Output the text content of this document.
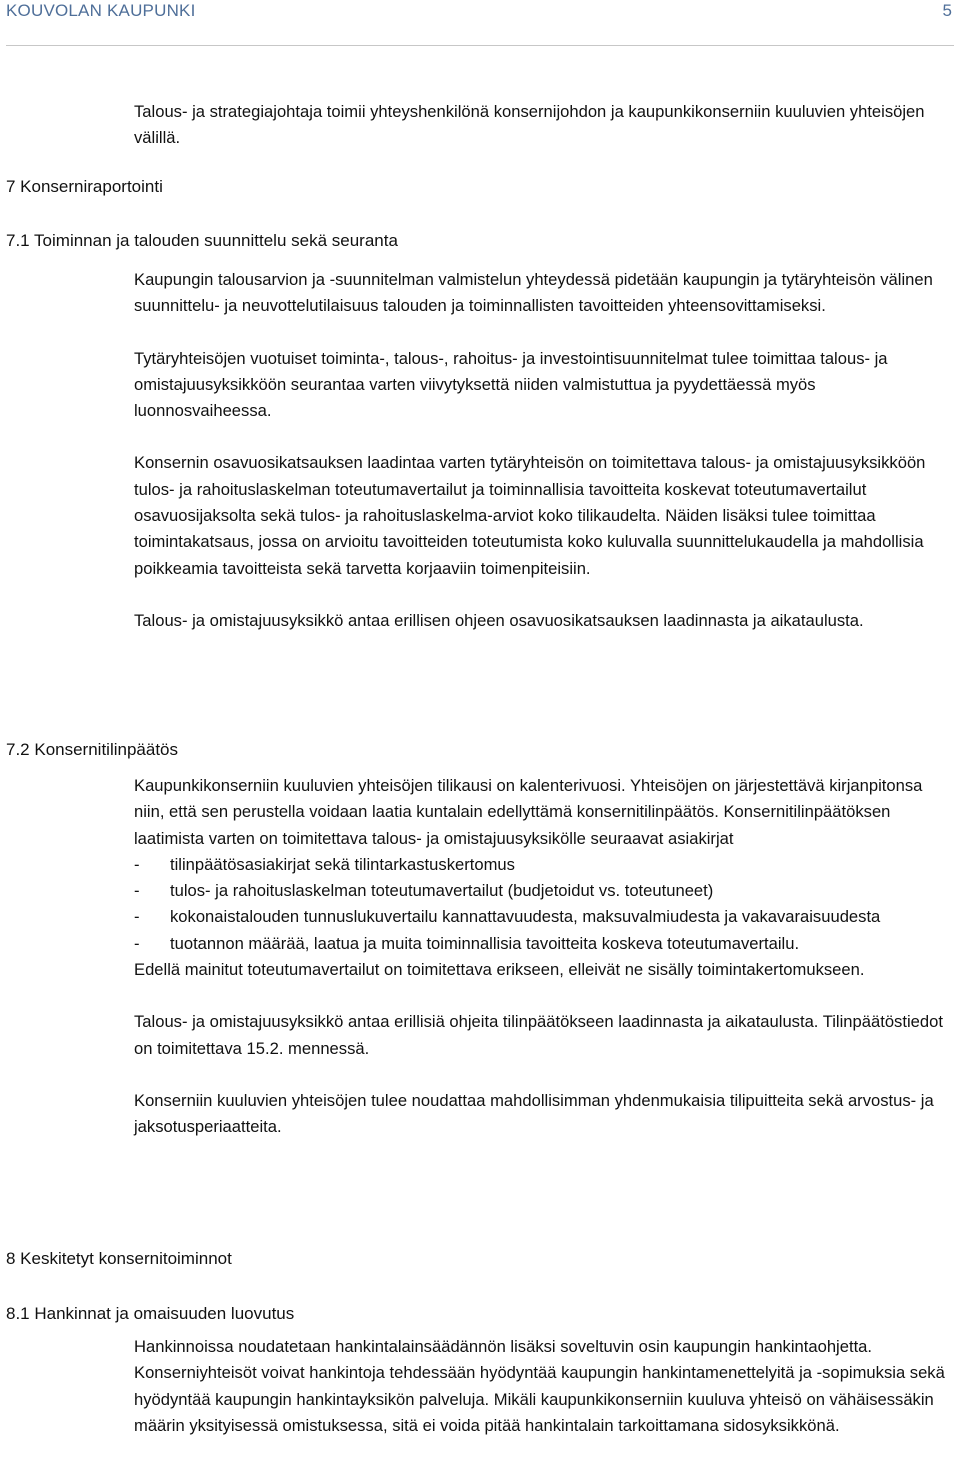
KOUVOLAN KAUPUNKI	5
Talous- ja strategiajohtaja toimii yhteyshenkilönä konsernijohdon ja kaupunkikonserniin kuuluvien yhteisöjen välillä.
7 Konserniraportointi
7.1 Toiminnan ja talouden suunnittelu sekä seuranta

Kaupungin talousarvion ja -suunnitelman valmistelun yhteydessä pidetään kaupungin ja tytäryhteisön välinen suunnittelu- ja neuvottelutilaisuus talouden ja toiminnallisten tavoitteiden yhteensovittamiseksi.

Tytäryhteisöjen vuotuiset toiminta-, talous-, rahoitus- ja investointisuunnitelmat tulee toimittaa talous- ja omistajuusyksikköön seurantaa varten viivytyksettä niiden valmistuttua ja pyydettäessä myös luonnosvaiheessa.

Konsernin osavuosikatsauksen laadintaa varten tytäryhteisön on toimitettava talous- ja omistajuusyksikköön tulos- ja rahoituslaskelman toteutumavertailut ja toiminnallisia tavoitteita koskevat toteutumavertailut osavuosijaksolta sekä tulos- ja rahoituslaskelma-arviot koko tilikaudelta. Näiden lisäksi tulee toimittaa toimintakatsaus, jossa on arvioitu tavoitteiden toteutumista koko kuluvalla suunnittelukaudella ja mahdollisia poikkeamia tavoitteista sekä tarvetta korjaaviin toimenpiteisiin.

Talous- ja omistajuusyksikkö antaa erillisen ohjeen osavuosikatsauksen laadinnasta ja aikataulusta.

7.2 Konsernitilinpäätös

Kaupunkikonserniin kuuluvien yhteisöjen tilikausi on kalenterivuosi. Yhteisöjen on järjestettävä kirjanpitonsa niin, että sen perustella voidaan laatia kuntalain edellyttämä konsernitilinpäätös. Konsernitilinpäätöksen laatimista varten on toimitettava talous- ja omistajuusyksikölle seuraavat asiakirjat

- tilinpäätösasiakirjat sekä tilintarkastuskertomus
- tulos- ja rahoituslaskelman toteutumavertailut (budjetoidut vs. toteutuneet)
- kokonaistalouden tunnuslukuvertailu kannattavuudesta, maksuvalmiudesta ja vakavaraisuudesta
- tuotannon määrää, laatua ja muita toiminnallisia tavoitteita koskeva toteutumavertailu.

Edellä mainitut toteutumavertailut on toimitettava erikseen, elleivät ne sisälly toimintakertomukseen.

Talous- ja omistajuusyksikkö antaa erillisiä ohjeita tilinpäätökseen laadinnasta ja aikataulusta. Tilinpäätöstiedot on toimitettava 15.2. mennessä.

Konserniin kuuluvien yhteisöjen tulee noudattaa mahdollisimman yhdenmukaisia tilipuitteita sekä arvostus- ja jaksotusperiaatteita.

8 Keskitetyt konsernitoiminnot
8.1 Hankinnat ja omaisuuden luovutus
Hankinnoissa noudatetaan hankintalainsäädännön lisäksi soveltuvin osin kaupungin hankintaohjetta. Konserniyhteisöt voivat hankintoja tehdessään hyödyntää kaupungin hankintamenettelyitä ja -sopimuksia sekä hyödyntää kaupungin hankintayksikön palveluja. Mikäli kaupunkikonserniin kuuluva yhteisö on vähäisessäkin määrin yksityisessä omistuksessa, sitä ei voida pitää hankintalain tarkoittamana sidosyksikkönä.
